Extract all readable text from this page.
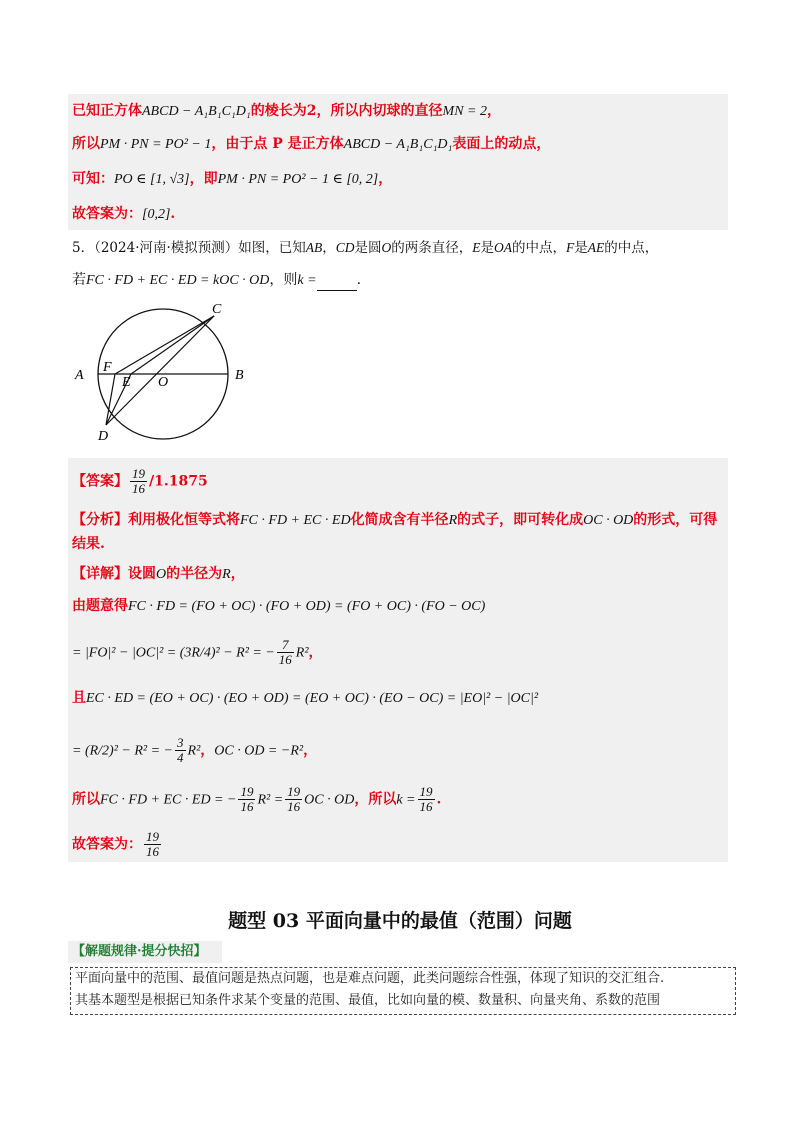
已知正方体ABCD − A₁B₁C₁D₁的棱长为2，所以内切球的直径MN = 2，
所以PM · PN = PO² − 1，由于点 P 是正方体ABCD − A₁B₁C₁D₁表面上的动点，
可知：PO ∈ [1, √3]，即PM · PN = PO² − 1 ∈ [0, 2]，
故答案为：[0,2].
5．（2024·河南·模拟预测）如图，已知AB，CD是圆O的两条直径，E是OA的中点，F是AE的中点，
若FC · FD + EC · ED = kOC · OD，则k =	.
A	B
C
D
E
F
O
【答案】 $\frac{19}{16} /1.1875$
【分析】利用极化恒等式将FC · FD + EC · ED化简成含有半径R的式子，即可转化成OC · OD的形式，可得
结果.
【详解】设圆O的半径为R，
由题意得FC · FD = (FO + OC) · (FO + OD) = (FO + OC) · (FO − OC)
= |FO|² − |OC|² = (3R/4)² − R² = − $\frac{7}{16} R^2$，
且EC · ED = (EO + OC) · (EO + OD) = (EO + OC) · (EO − OC) = |EO|² − |OC|²
= (R/2)² − R² = − $\frac{3}{4} R^2$，OC · OD = −R²，
所以FC · FD + EC · ED = − $\frac{19}{16} R^2 = \frac{19}{16}$ OC · OD，所以$k = \frac{19}{16}$ .
故答案为： $\frac{19}{16}$
题型 03 平面向量中的最值（范围）问题
【解题规律·提分快招】
平面向量中的范围、最值问题是热点问题，也是难点问题，此类问题综合性强，体现了知识的交汇组合.
其基本题型是根据已知条件求某个变量的范围、最值，比如向量的模、数量积、向量夹角、系数的范围
